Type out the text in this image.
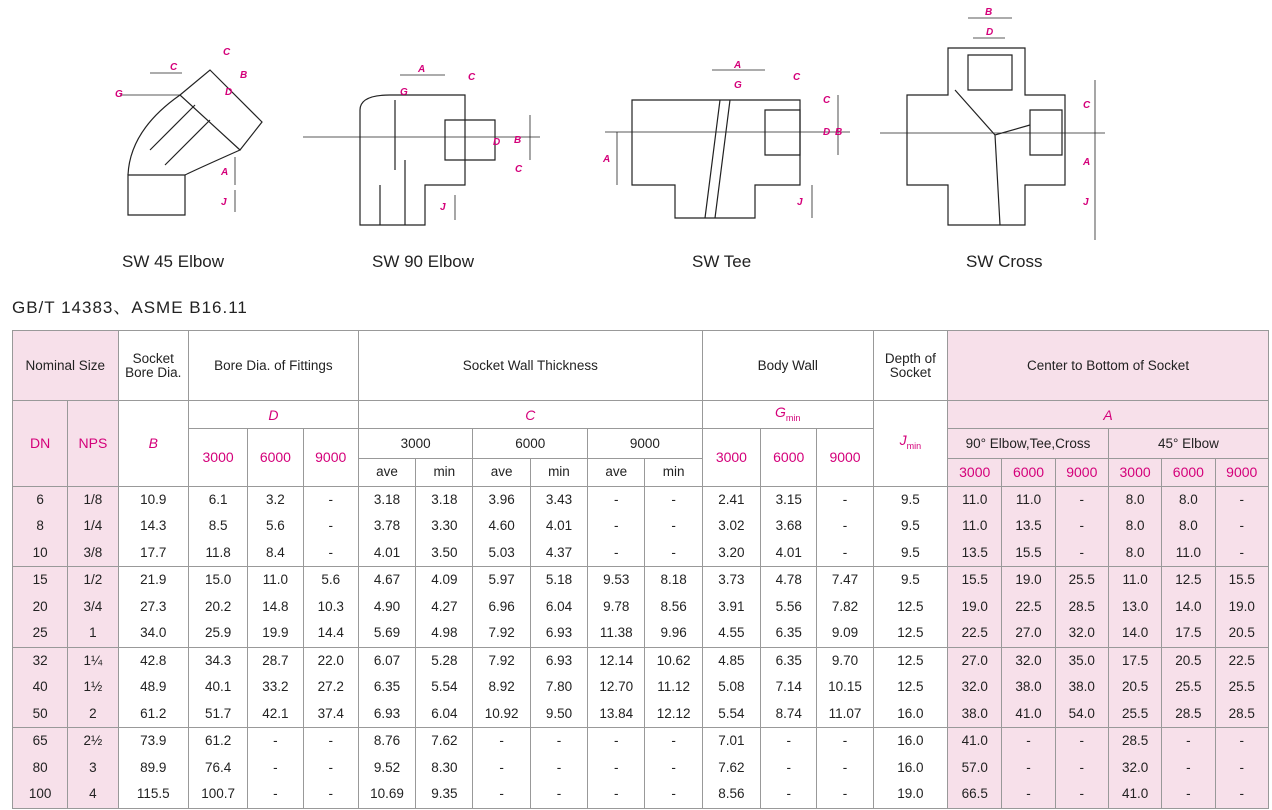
C
C
B
D
G
A
J
A
C
G
D B
C
J
A
C
G
A
C
D B
J
B
D
C
A
J
SW 45 Elbow	SW 90 Elbow	SW Tee	SW Cross
GB/T 14383、ASME B16.11
Nominal Size		Socket Bore Dia.	Bore Dia. of Fittings			Socket Wall Thickness						Body Wall			Depth of Socket	Center to Bottom of Socket					
DN	NPS	B	D			C						$G_{min}$			$J_{min}$	A					
			3000	6000	9000	3000		6000		9000		3000	6000	9000		90° Elbow,Tee,Cross			45° Elbow		
						ave	min	ave	min	ave	min					3000	6000	9000	3000	6000	9000
6	1/8	10.9	6.1	3.2	-	3.18	3.18	3.96	3.43	-	-	2.41	3.15	-	9.5	11.0	11.0	-	8.0	8.0	-
8	1/4	14.3	8.5	5.6	-	3.78	3.30	4.60	4.01	-	-	3.02	3.68	-	9.5	11.0	13.5	-	8.0	8.0	-
10	3/8	17.7	11.8	8.4	-	4.01	3.50	5.03	4.37	-	-	3.20	4.01	-	9.5	13.5	15.5	-	8.0	11.0	-
15	1/2	21.9	15.0	11.0	5.6	4.67	4.09	5.97	5.18	9.53	8.18	3.73	4.78	7.47	9.5	15.5	19.0	25.5	11.0	12.5	15.5
20	3/4	27.3	20.2	14.8	10.3	4.90	4.27	6.96	6.04	9.78	8.56	3.91	5.56	7.82	12.5	19.0	22.5	28.5	13.0	14.0	19.0
25	1	34.0	25.9	19.9	14.4	5.69	4.98	7.92	6.93	11.38	9.96	4.55	6.35	9.09	12.5	22.5	27.0	32.0	14.0	17.5	20.5
32	1¼	42.8	34.3	28.7	22.0	6.07	5.28	7.92	6.93	12.14	10.62	4.85	6.35	9.70	12.5	27.0	32.0	35.0	17.5	20.5	22.5
40	1½	48.9	40.1	33.2	27.2	6.35	5.54	8.92	7.80	12.70	11.12	5.08	7.14	10.15	12.5	32.0	38.0	38.0	20.5	25.5	25.5
50	2	61.2	51.7	42.1	37.4	6.93	6.04	10.92	9.50	13.84	12.12	5.54	8.74	11.07	16.0	38.0	41.0	54.0	25.5	28.5	28.5
65	2½	73.9	61.2	-	-	8.76	7.62	-	-	-	-	7.01	-	-	16.0	41.0	-	-	28.5	-	-
80	3	89.9	76.4	-	-	9.52	8.30	-	-	-	-	7.62	-	-	16.0	57.0	-	-	32.0	-	-
100	4	115.5	100.7	-	-	10.69	9.35	-	-	-	-	8.56	-	-	19.0	66.5	-	-	41.0	-	-
